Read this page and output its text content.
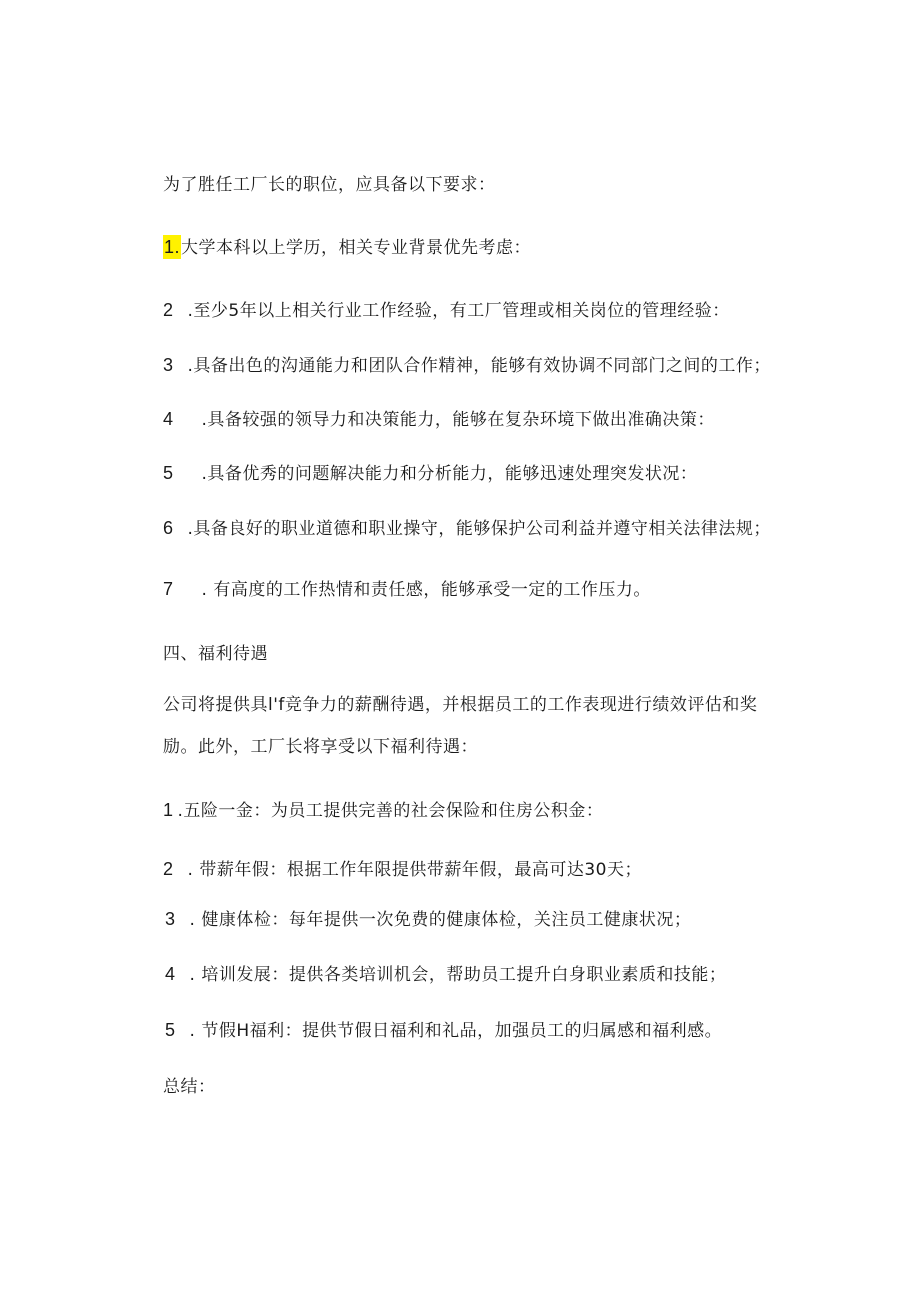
为了胜任工厂长的职位，应具备以下要求：
1.大学本科以上学历，相关专业背景优先考虑：
2 .至少5年以上相关行业工作经验，有工厂管理或相关岗位的管理经验：
3 .具备出色的沟通能力和团队合作精神，能够有效协调不同部门之间的工作；
4 .具备较强的领导力和决策能力，能够在复杂环境下做出准确决策：
5 .具备优秀的问题解决能力和分析能力，能够迅速处理突发状况：
6 .具备良好的职业道德和职业操守，能够保护公司利益并遵守相关法律法规；
7 . 有高度的工作热情和责任感，能够承受一定的工作压力。
四、福利待遇
公司将提供具l'f竞争力的薪酬待遇，并根据员工的工作表现进行绩效评估和奖
励。此外，工厂长将享受以下福利待遇：
1 .五险一金：为员工提供完善的社会保险和住房公积金：
2 . 带薪年假：根据工作年限提供带薪年假，最高可达30天；
3 . 健康体检：每年提供一次免费的健康体检，关注员工健康状况；
4 . 培训发展：提供各类培训机会，帮助员工提升白身职业素质和技能；
5 . 节假H福利：提供节假日福利和礼品，加强员工的归属感和福利感。
总结：
